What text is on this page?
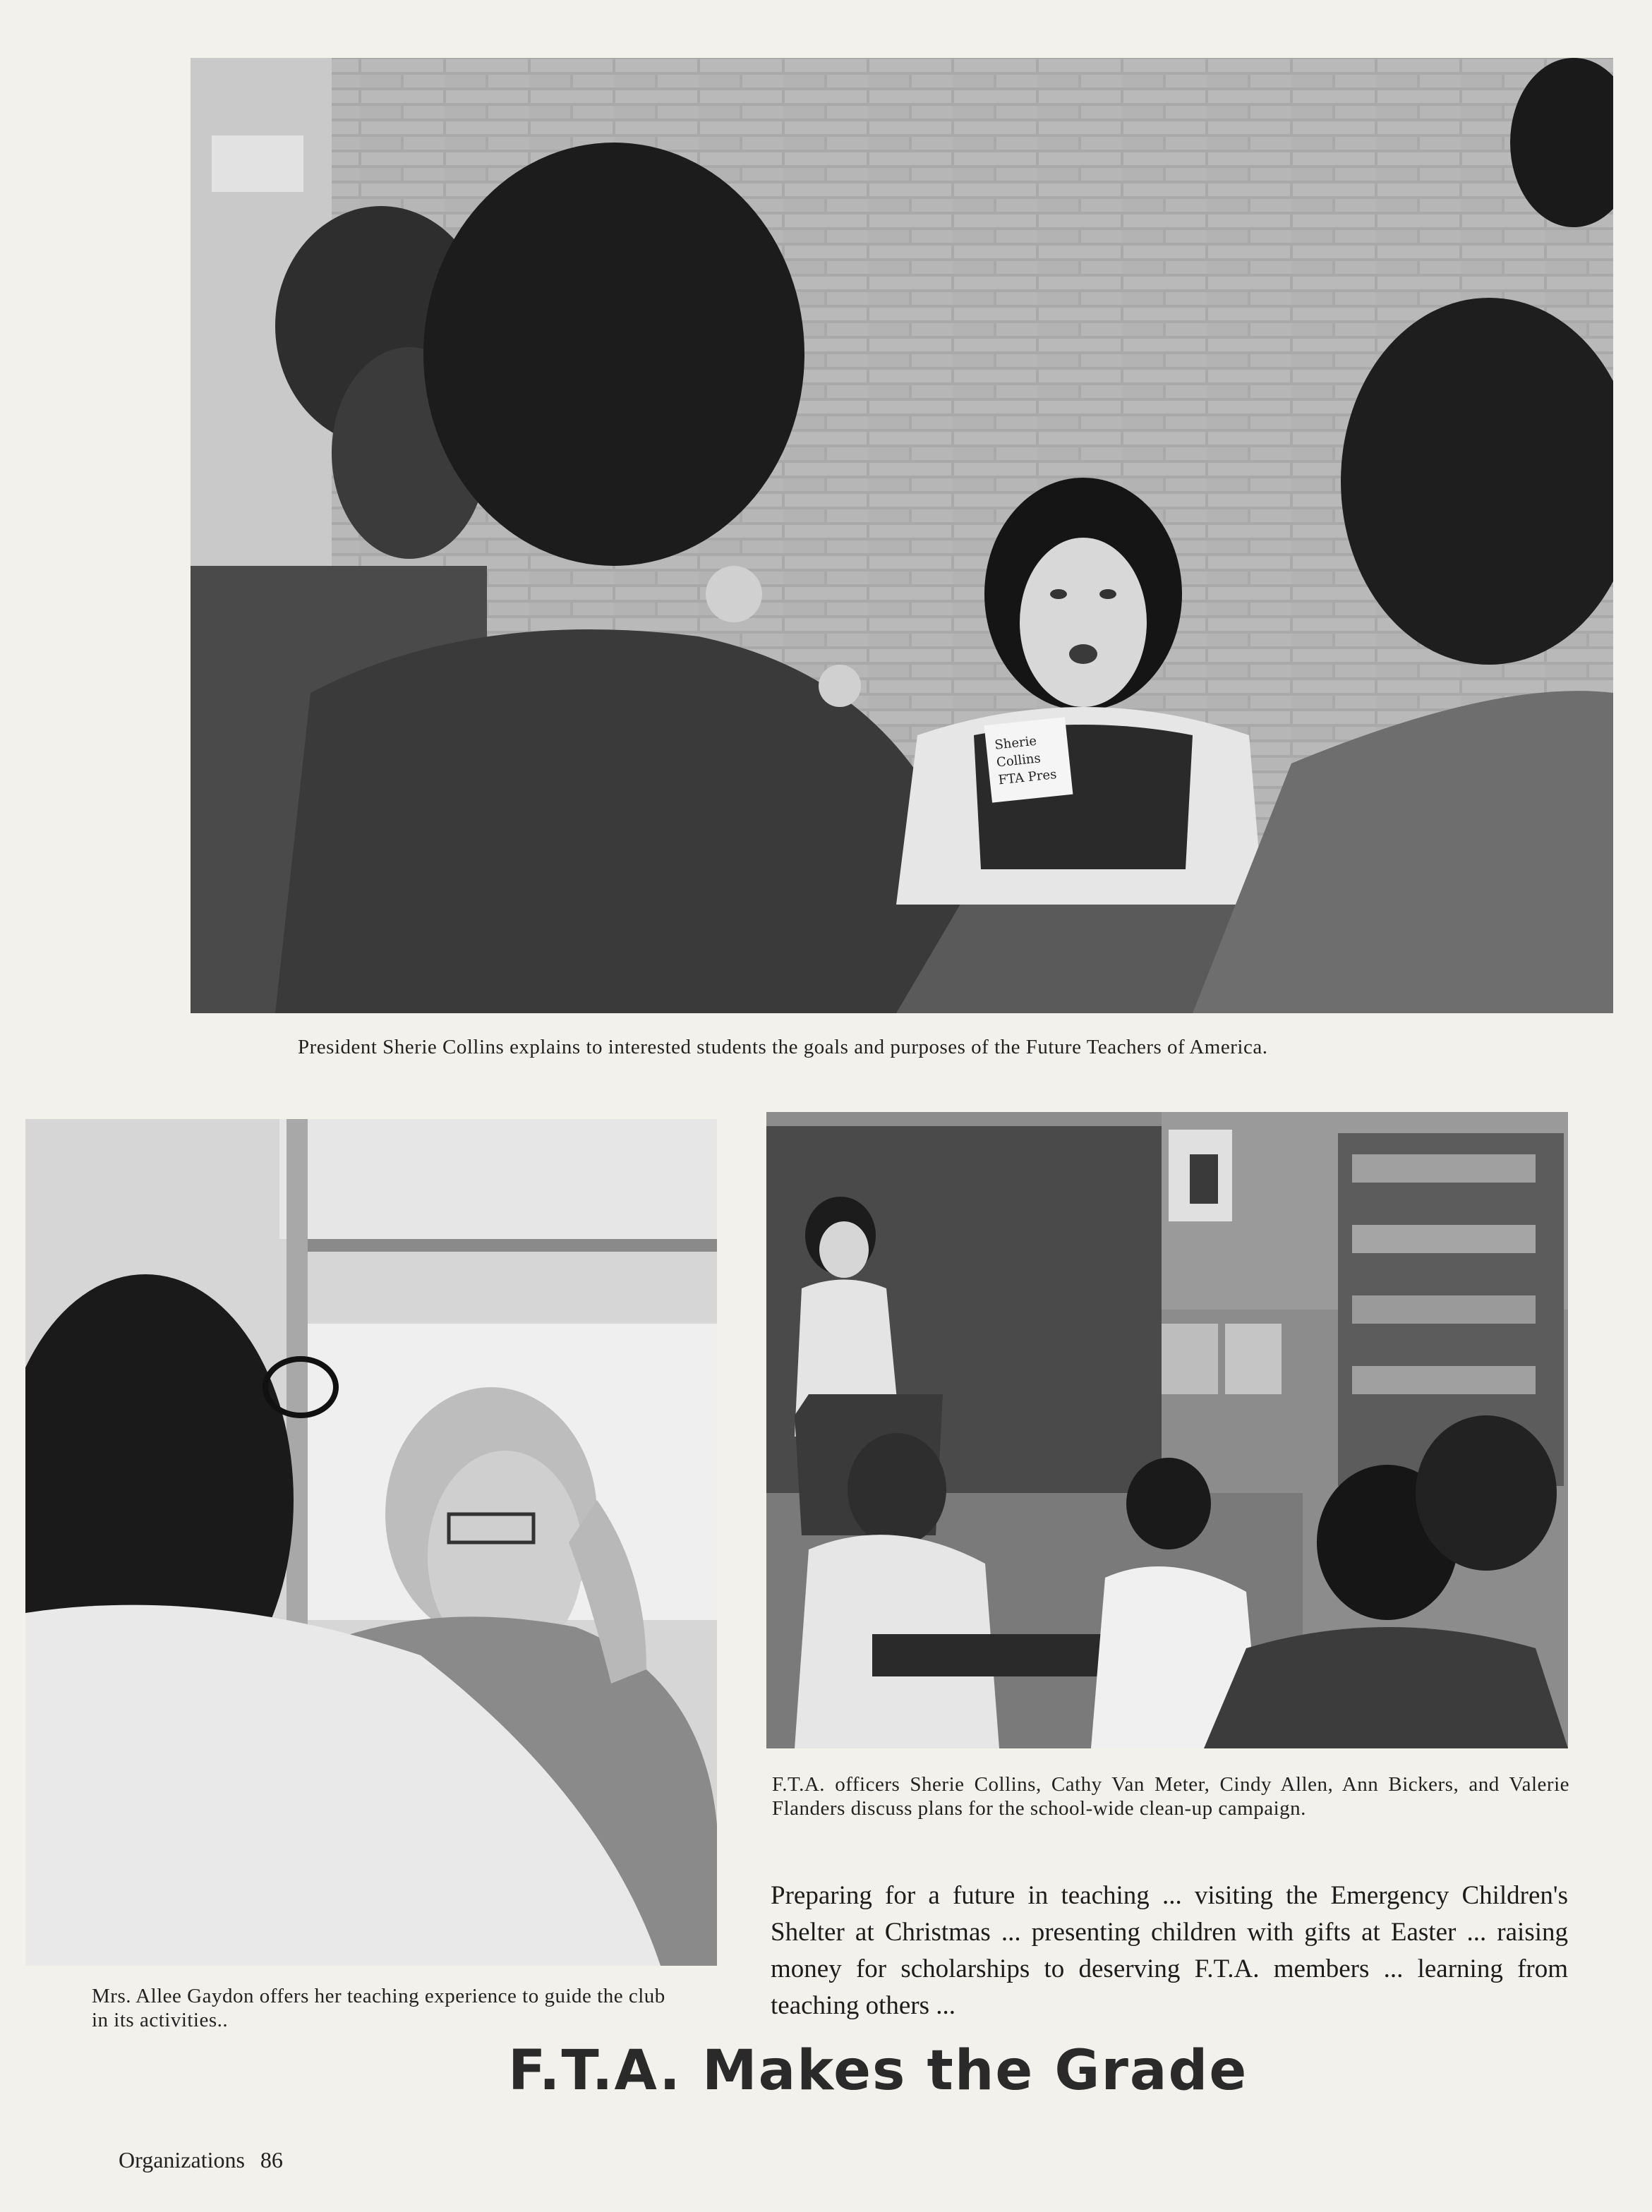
Sherie
Collins
FTA Pres
President Sherie Collins explains to interested students the goals and purposes of the Future Teachers of America.
Mrs. Allee Gaydon offers her teaching experience to guide the club in its activities..
F.T.A. officers Sherie Collins, Cathy Van Meter, Cindy Allen, Ann Bickers, and Valerie Flanders discuss plans for the school-wide clean-up campaign.
Preparing for a future in teaching ... visiting the Emergency Children's Shelter at Christmas ... presenting children with gifts at Easter ... raising money for scholarships to deserving F.T.A. members ... learning from teaching others ...
F.T.A. Makes the Grade
Organizations 86
